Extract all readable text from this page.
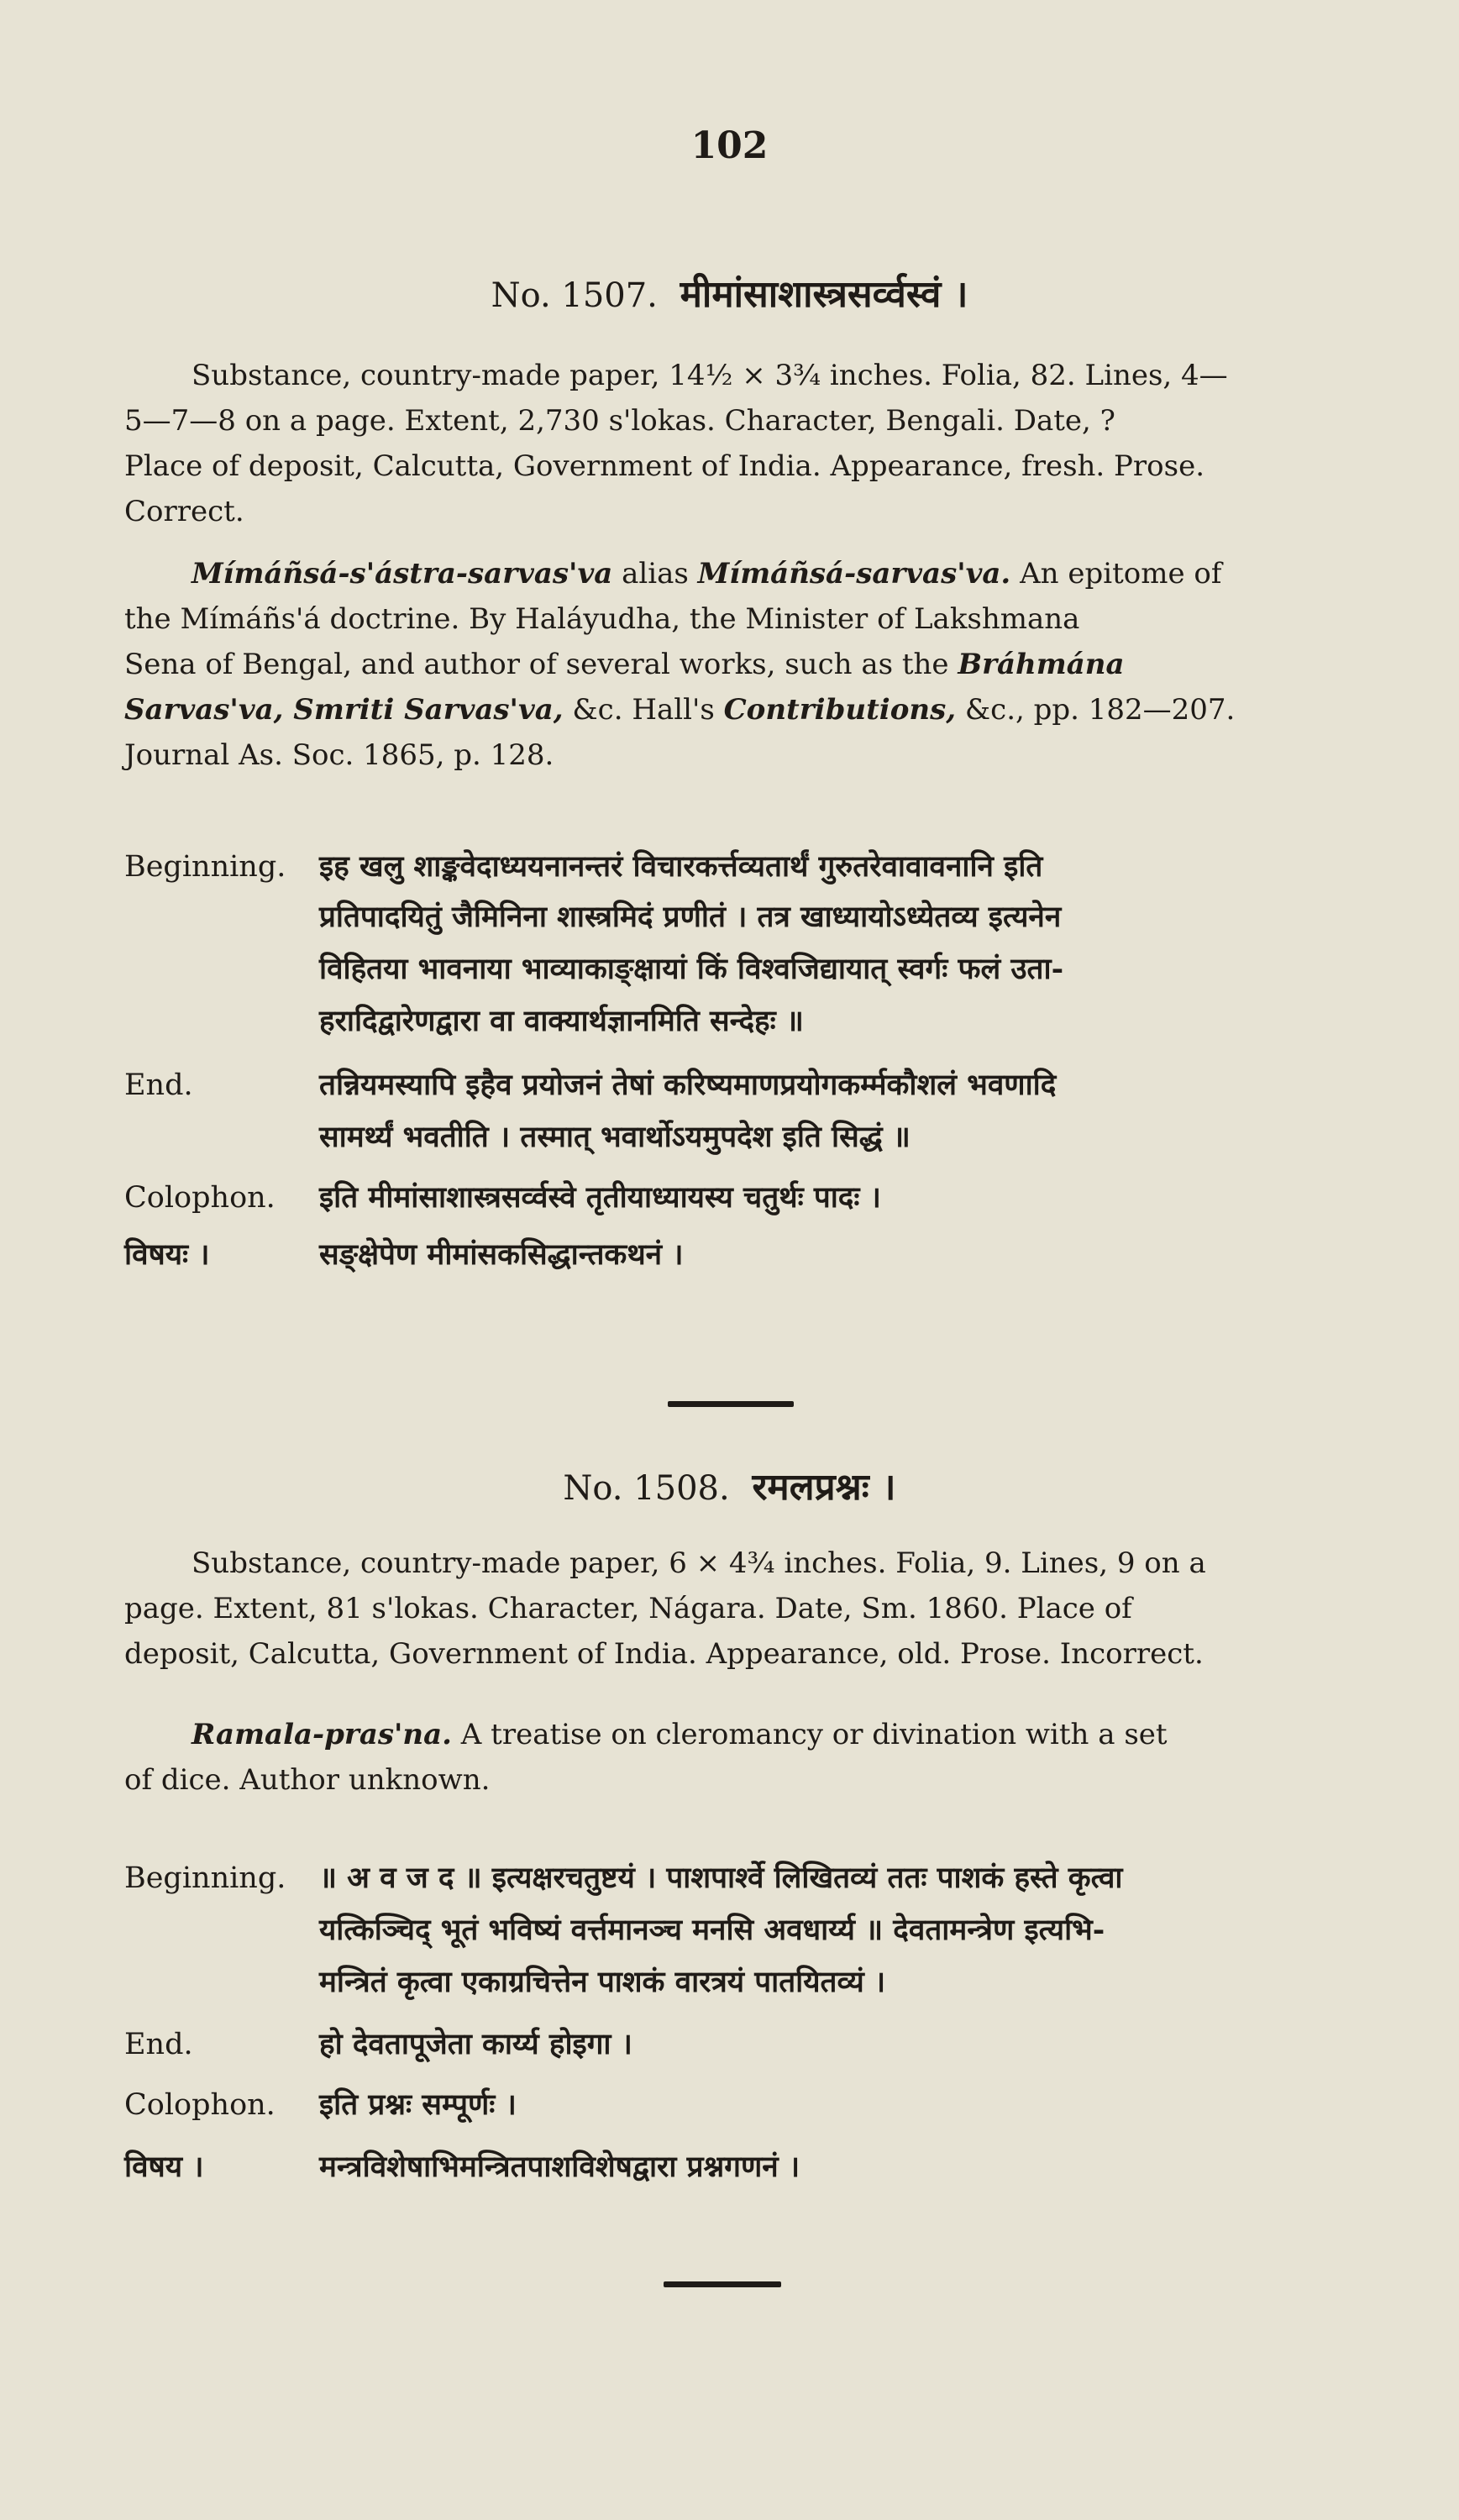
102
No. 1507. मीमांसाशास्त्रसर्व्वस्वं ।
Substance, country-made paper, 14½ × 3¾ inches. Folia, 82. Lines, 4—
5—7—8 on a page. Extent, 2,730 s'lokas. Character, Bengali. Date, ?
Place of deposit, Calcutta, Government of India. Appearance, fresh. Prose.
Correct.
Mímáñsá-s'ástra-sarvas'va alias Mímáñsá-sarvas'va. An epitome of
the Mímáñs'á doctrine. By Haláyudha, the Minister of Lakshmana
Sena of Bengal, and author of several works, such as the Bráhmána
Sarvas'va, Smriti Sarvas'va, &c. Hall's Contributions, &c., pp. 182—207.
Journal As. Soc. 1865, p. 128.
Beginning. इह खलु शाङ्कवेदाध्ययनानन्तरं विचारकर्त्तव्यतार्थं गुरुतरेवावावनानि इति
प्रतिपादयितुं जैमिनिना शास्त्रमिदं प्रणीतं । तत्र खाध्यायोऽध्येतव्य इत्यनेन
विहितया भावनाया भाव्याकाङ्क्षायां किं विश्वजिद्यायात् स्वर्गः फलं उता-
हरादिद्वारेणद्वारा वा वाक्यार्थज्ञानमिति सन्देहः ॥
End.	तन्नियमस्यापि इहैव प्रयोजनं तेषां करिष्यमाणप्रयोगकर्म्मकौशलं भवणादि
सामर्थ्यं भवतीति । तस्मात् भवार्थोऽयमुपदेश इति सिद्धं ॥
Colophon. इति मीमांसाशास्त्रसर्व्वस्वे तृतीयाध्यायस्य चतुर्थः पादः ।
विषयः ।	सङ्क्षेपेण मीमांसकसिद्धान्तकथनं ।
No. 1508. रमलप्रश्नः ।
Substance, country-made paper, 6 × 4¾ inches. Folia, 9. Lines, 9 on a
page. Extent, 81 s'lokas. Character, Nágara. Date, Sm. 1860. Place of
deposit, Calcutta, Government of India. Appearance, old. Prose. Incorrect.
Ramala-pras'na. A treatise on cleromancy or divination with a set
of dice. Author unknown.
Beginning. ॥ अ व ज द ॥ इत्यक्षरचतुष्टयं । पाशपार्श्वे लिखितव्यं ततः पाशकं हस्ते कृत्वा
यत्किञ्चिद् भूतं भविष्यं वर्त्तमानञ्च मनसि अवधार्य्य ॥ देवतामन्त्रेण इत्यभि-
मन्त्रितं कृत्वा एकाग्रचित्तेन पाशकं वारत्रयं पातयितव्यं ।
End.	हो देवतापूजेता कार्य्य होइगा ।
Colophon. इति प्रश्नः सम्पूर्णः ।
विषय ।	मन्त्रविशेषाभिमन्त्रितपाशविशेषद्वारा प्रश्नगणनं ।
